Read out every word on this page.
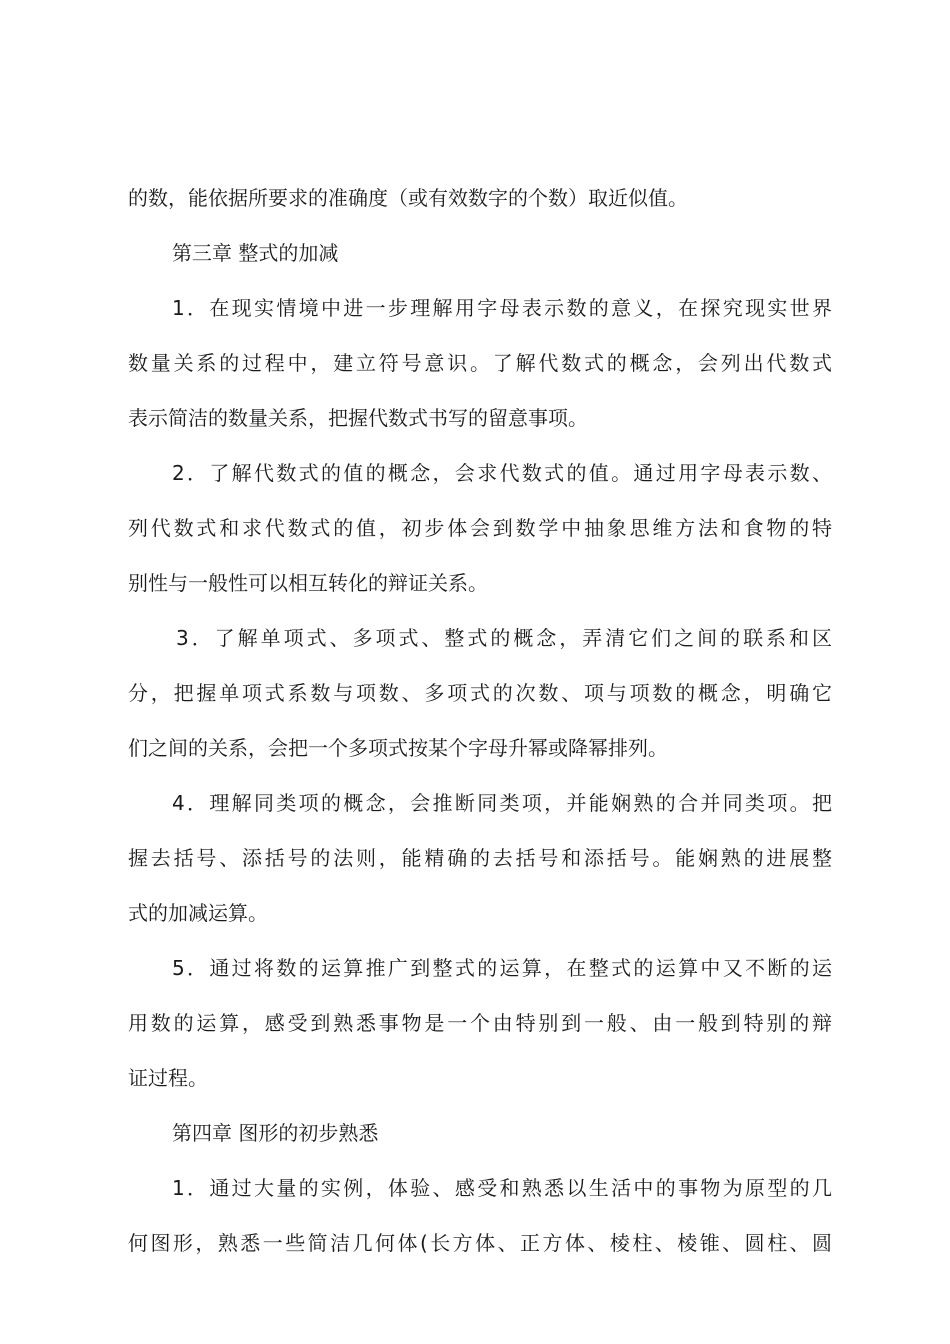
的数，能依据所要求的准确度（或有效数字的个数）取近似值。
第三章 整式的加减
1．在现实情境中进一步理解用字母表示数的意义，在探究现实世界
数量关系的过程中，建立符号意识。了解代数式的概念，会列出代数式
表示简洁的数量关系，把握代数式书写的留意事项。
2．了解代数式的值的概念，会求代数式的值。通过用字母表示数、
列代数式和求代数式的值，初步体会到数学中抽象思维方法和食物的特
别性与一般性可以相互转化的辩证关系。
3．了解单项式、多项式、整式的概念，弄清它们之间的联系和区
分，把握单项式系数与项数、多项式的次数、项与项数的概念，明确它
们之间的关系，会把一个多项式按某个字母升幂或降幂排列。
4．理解同类项的概念，会推断同类项，并能娴熟的合并同类项。把
握去括号、添括号的法则，能精确的去括号和添括号。能娴熟的进展整
式的加减运算。
5．通过将数的运算推广到整式的运算，在整式的运算中又不断的运
用数的运算，感受到熟悉事物是一个由特别到一般、由一般到特别的辩
证过程。
第四章 图形的初步熟悉
1．通过大量的实例，体验、感受和熟悉以生活中的事物为原型的几
何图形，熟悉一些简洁几何体(长方体、正方体、棱柱、棱锥、圆柱、圆
